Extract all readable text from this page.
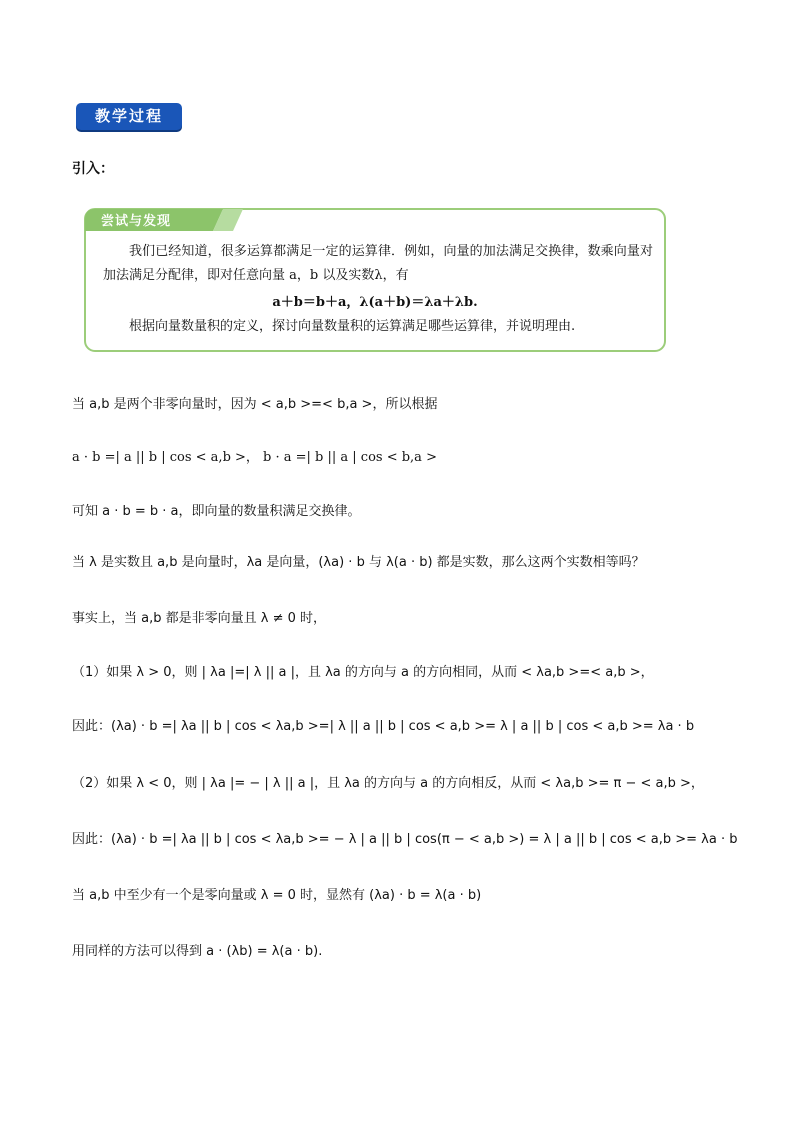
教学过程
引入：
尝试与发现
我们已经知道，很多运算都满足一定的运算律．例如，向量的加法满足交换律，数乘向量对加法满足分配律，即对任意向量 a，b 以及实数λ，有
a＋b＝b＋a，λ(a＋b)＝λa＋λb.
根据向量数量积的定义，探讨向量数量积的运算满足哪些运算律，并说明理由.
当 a,b 是两个非零向量时，因为 < a,b >=< b,a >，所以根据
a · b =| a || b | cos < a,b >， b · a =| b || a | cos < b,a >
可知 a · b = b · a，即向量的数量积满足交换律。
当 λ 是实数且 a,b 是向量时，λa 是向量，(λa) · b 与 λ(a · b) 都是实数，那么这两个实数相等吗？
事实上，当 a,b 都是非零向量且 λ ≠ 0 时，
（1）如果 λ > 0，则 | λa |=| λ || a |，且 λa 的方向与 a 的方向相同，从而 < λa,b >=< a,b >，
因此：(λa) · b =| λa || b | cos < λa,b >=| λ || a || b | cos < a,b >= λ | a || b | cos < a,b >= λa · b
（2）如果 λ < 0，则 | λa |= − | λ || a |，且 λa 的方向与 a 的方向相反，从而 < λa,b >= π − < a,b >，
因此：(λa) · b =| λa || b | cos < λa,b >= − λ | a || b | cos(π − < a,b >) = λ | a || b | cos < a,b >= λa · b
当 a,b 中至少有一个是零向量或 λ = 0 时，显然有 (λa) · b = λ(a · b)
用同样的方法可以得到 a · (λb) = λ(a · b).
